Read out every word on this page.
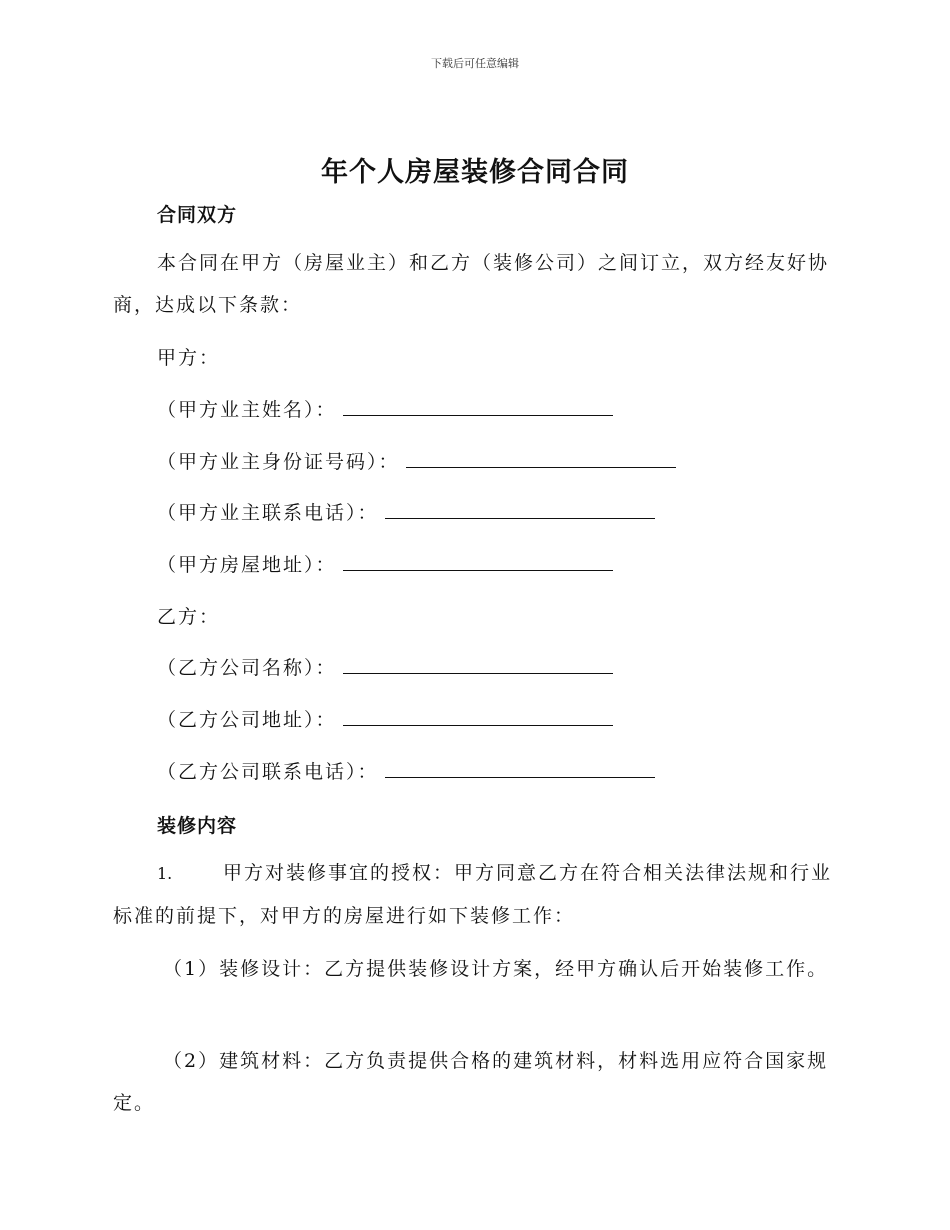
下载后可任意编辑
年个人房屋装修合同合同
合同双方
本合同在甲方（房屋业主）和乙方（装修公司）之间订立，双方经友好协商，达成以下条款：
甲方：
（甲方业主姓名）：
（甲方业主身份证号码）：
（甲方业主联系电话）：
（甲方房屋地址）：
乙方：
（乙方公司名称）：
（乙方公司地址）：
（乙方公司联系电话）：
装修内容
1.	甲方对装修事宜的授权：甲方同意乙方在符合相关法律法规和行业标准的前提下，对甲方的房屋进行如下装修工作：
（1）装修设计：乙方提供装修设计方案，经甲方确认后开始装修工作。
（2）建筑材料：乙方负责提供合格的建筑材料，材料选用应符合国家规定。
